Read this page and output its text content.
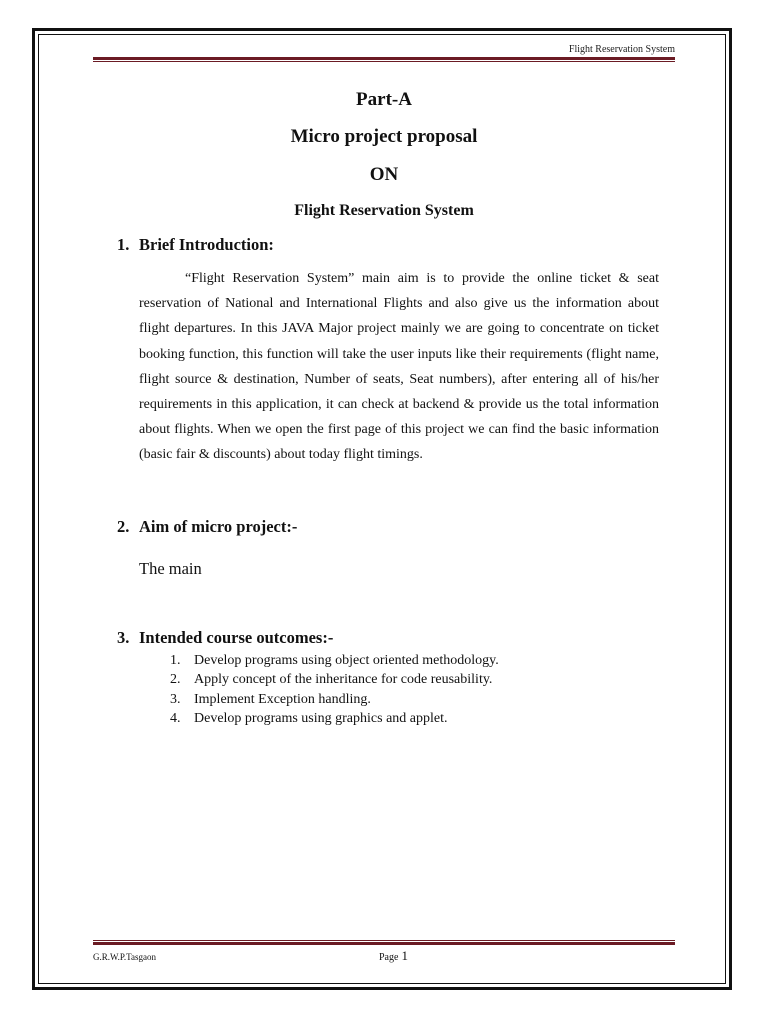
Flight Reservation System
Part-A
Micro project proposal
ON
Flight Reservation System
1. Brief Introduction:
“Flight Reservation System” main aim is to provide the online ticket & seat reservation of National and International Flights and also give us the information about flight departures. In this JAVA Major project mainly we are going to concentrate on ticket booking function, this function will take the user inputs like their requirements (flight name, flight source & destination, Number of seats, Seat numbers), after entering all of his/her requirements in this application, it can check at backend & provide us the total information about flights. When we open the first page of this project we can find the basic information (basic fair & discounts) about today flight timings.
2. Aim of micro project:-
The main
3. Intended course outcomes:-
1. Develop programs using object oriented methodology.
2. Apply concept of the inheritance for code reusability.
3. Implement Exception handling.
4. Develop programs using graphics and applet.
G.R.W.P.Tasgaon	Page 1
